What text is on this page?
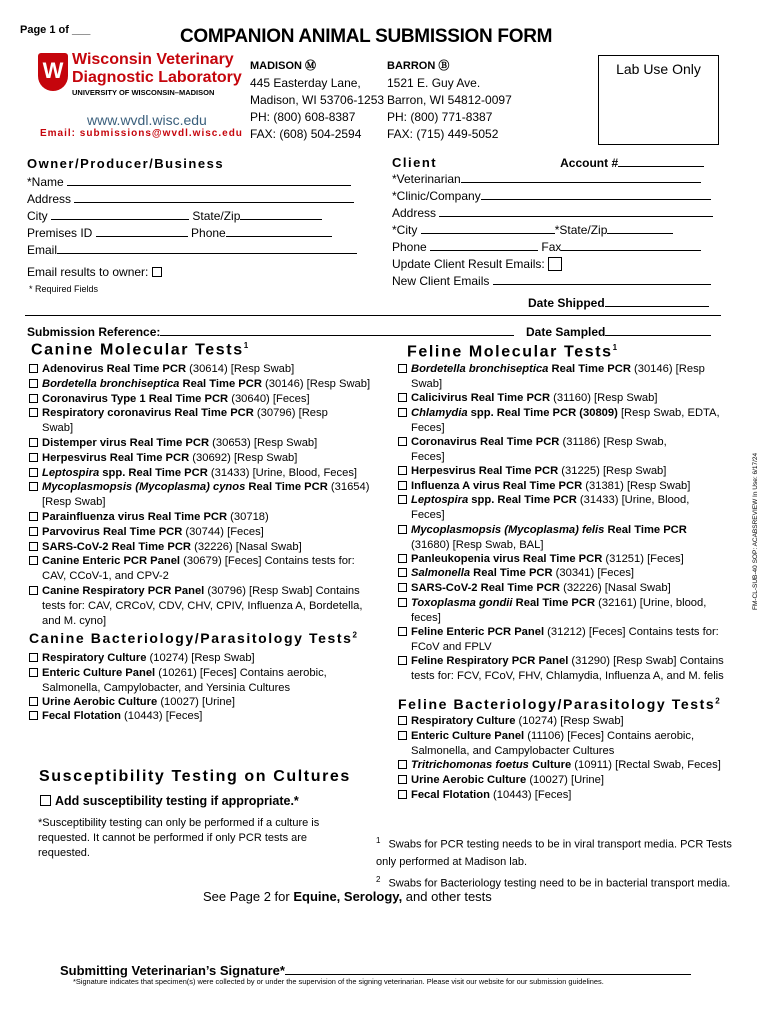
Page 1 of ___	COMPANION ANIMAL SUBMISSION FORM
W Wisconsin Veterinary
Diagnostic Laboratory
UNIVERSITY OF WISCONSIN–MADISON
www.wvdl.wisc.edu
Email: submissions@wvdl.wisc.edu
MADISON Ⓜ
445 Easterday Lane,
Madison, WI 53706-1253
PH: (800) 608-8387
FAX: (608) 504-2594
BARRON Ⓑ
1521 E. Guy Ave.
Barron, WI 54812-0097
PH: (800) 771-8387
FAX: (715) 449-5052
Lab Use Only
Owner/Producer/Business
*Name
Address
City	State/Zip
Premises ID	Phone
Email
Email results to owner:
* Required Fields
Client	Account #
*Veterinarian
*Clinic/Company
Address
*City	*State/Zip
Phone	Fax
Update Client Result Emails:
New Client Emails
Date Shipped
Submission Reference:	Date Sampled
Canine Molecular Tests$^1$
Adenovirus Real Time PCR (30614) [Resp Swab]
Bordetella bronchiseptica Real Time PCR (30146) [Resp Swab]
Coronavirus Type 1 Real Time PCR (30640) [Feces]
Respiratory coronavirus Real Time PCR (30796) [Resp
Swab]
Distemper virus Real Time PCR (30653) [Resp Swab]
Herpesvirus Real Time PCR (30692) [Resp Swab]
Leptospira spp. Real Time PCR (31433) [Urine, Blood, Feces]
Mycoplasmopsis (Mycoplasma) cynos Real Time PCR (31654)
[Resp Swab]
Parainfluenza virus Real Time PCR (30718)
Parvovirus Real Time PCR (30744) [Feces]
SARS-CoV-2 Real Time PCR (32226) [Nasal Swab]
Canine Enteric PCR Panel (30679) [Feces] Contains tests for:
CAV, CCoV-1, and CPV-2
Canine Respiratory PCR Panel (30796) [Resp Swab] Contains
tests for: CAV, CRCoV, CDV, CHV, CPIV, Influenza A, Bordetella,
and M. cyno]
Canine Bacteriology/Parasitology Tests$^2$
Respiratory Culture (10274) [Resp Swab]
Enteric Culture Panel (10261) [Feces] Contains aerobic,
Salmonella, Campylobacter, and Yersinia Cultures
Urine Aerobic Culture (10027) [Urine]
Fecal Flotation (10443) [Feces]
Susceptibility Testing on Cultures
Add susceptibility testing if appropriate.*
*Susceptibility testing can only be performed if a culture is
requested. It cannot be performed if only PCR tests are
requested.
Feline Molecular Tests$^1$
Bordetella bronchiseptica Real Time PCR (30146) [Resp
Swab]
Calicivirus Real Time PCR (31160) [Resp Swab]
Chlamydia spp. Real Time PCR (30809) [Resp Swab, EDTA,
Feces]
Coronavirus Real Time PCR (31186) [Resp Swab,
Feces]
Herpesvirus Real Time PCR (31225) [Resp Swab]
Influenza A virus Real Time PCR (31381) [Resp Swab]
Leptospira spp. Real Time PCR (31433) [Urine, Blood,
Feces]
Mycoplasmopsis (Mycoplasma) felis Real Time PCR
(31680) [Resp Swab, BAL]
Panleukopenia virus Real Time PCR (31251) [Feces]
Salmonella Real Time PCR (30341) [Feces]
SARS-CoV-2 Real Time PCR (32226) [Nasal Swab]
Toxoplasma gondii Real Time PCR (32161) [Urine, blood,
feces]
Feline Enteric PCR Panel (31212) [Feces] Contains tests for:
FCoV and FPLV
Feline Respiratory PCR Panel (31290) [Resp Swab] Contains
tests for: FCV, FCoV, FHV, Chlamydia, Influenza A, and M. felis
Feline Bacteriology/Parasitology Tests$^2$
Respiratory Culture (10274) [Resp Swab]
Enteric Culture Panel (11106) [Feces] Contains aerobic,
Salmonella, and Campylobacter Cultures
Tritrichomonas foetus Culture (10911) [Rectal Swab, Feces]
Urine Aerobic Culture (10027) [Urine]
Fecal Flotation (10443) [Feces]
FM-CL-SUB-40 SOP: ACABSREVIEW In Use: 6/17/24
$^1$ Swabs for PCR testing needs to be in viral transport media. PCR Tests
only performed at Madison lab.
$^2$ Swabs for Bacteriology testing need to be in bacterial transport media.
See Page 2 for Equine, Serology, and other tests
Submitting Veterinarian’s Signature*
*Signature indicates that specimen(s) were collected by or under the supervision of the signing veterinarian. Please visit our website for our submission guidelines.
